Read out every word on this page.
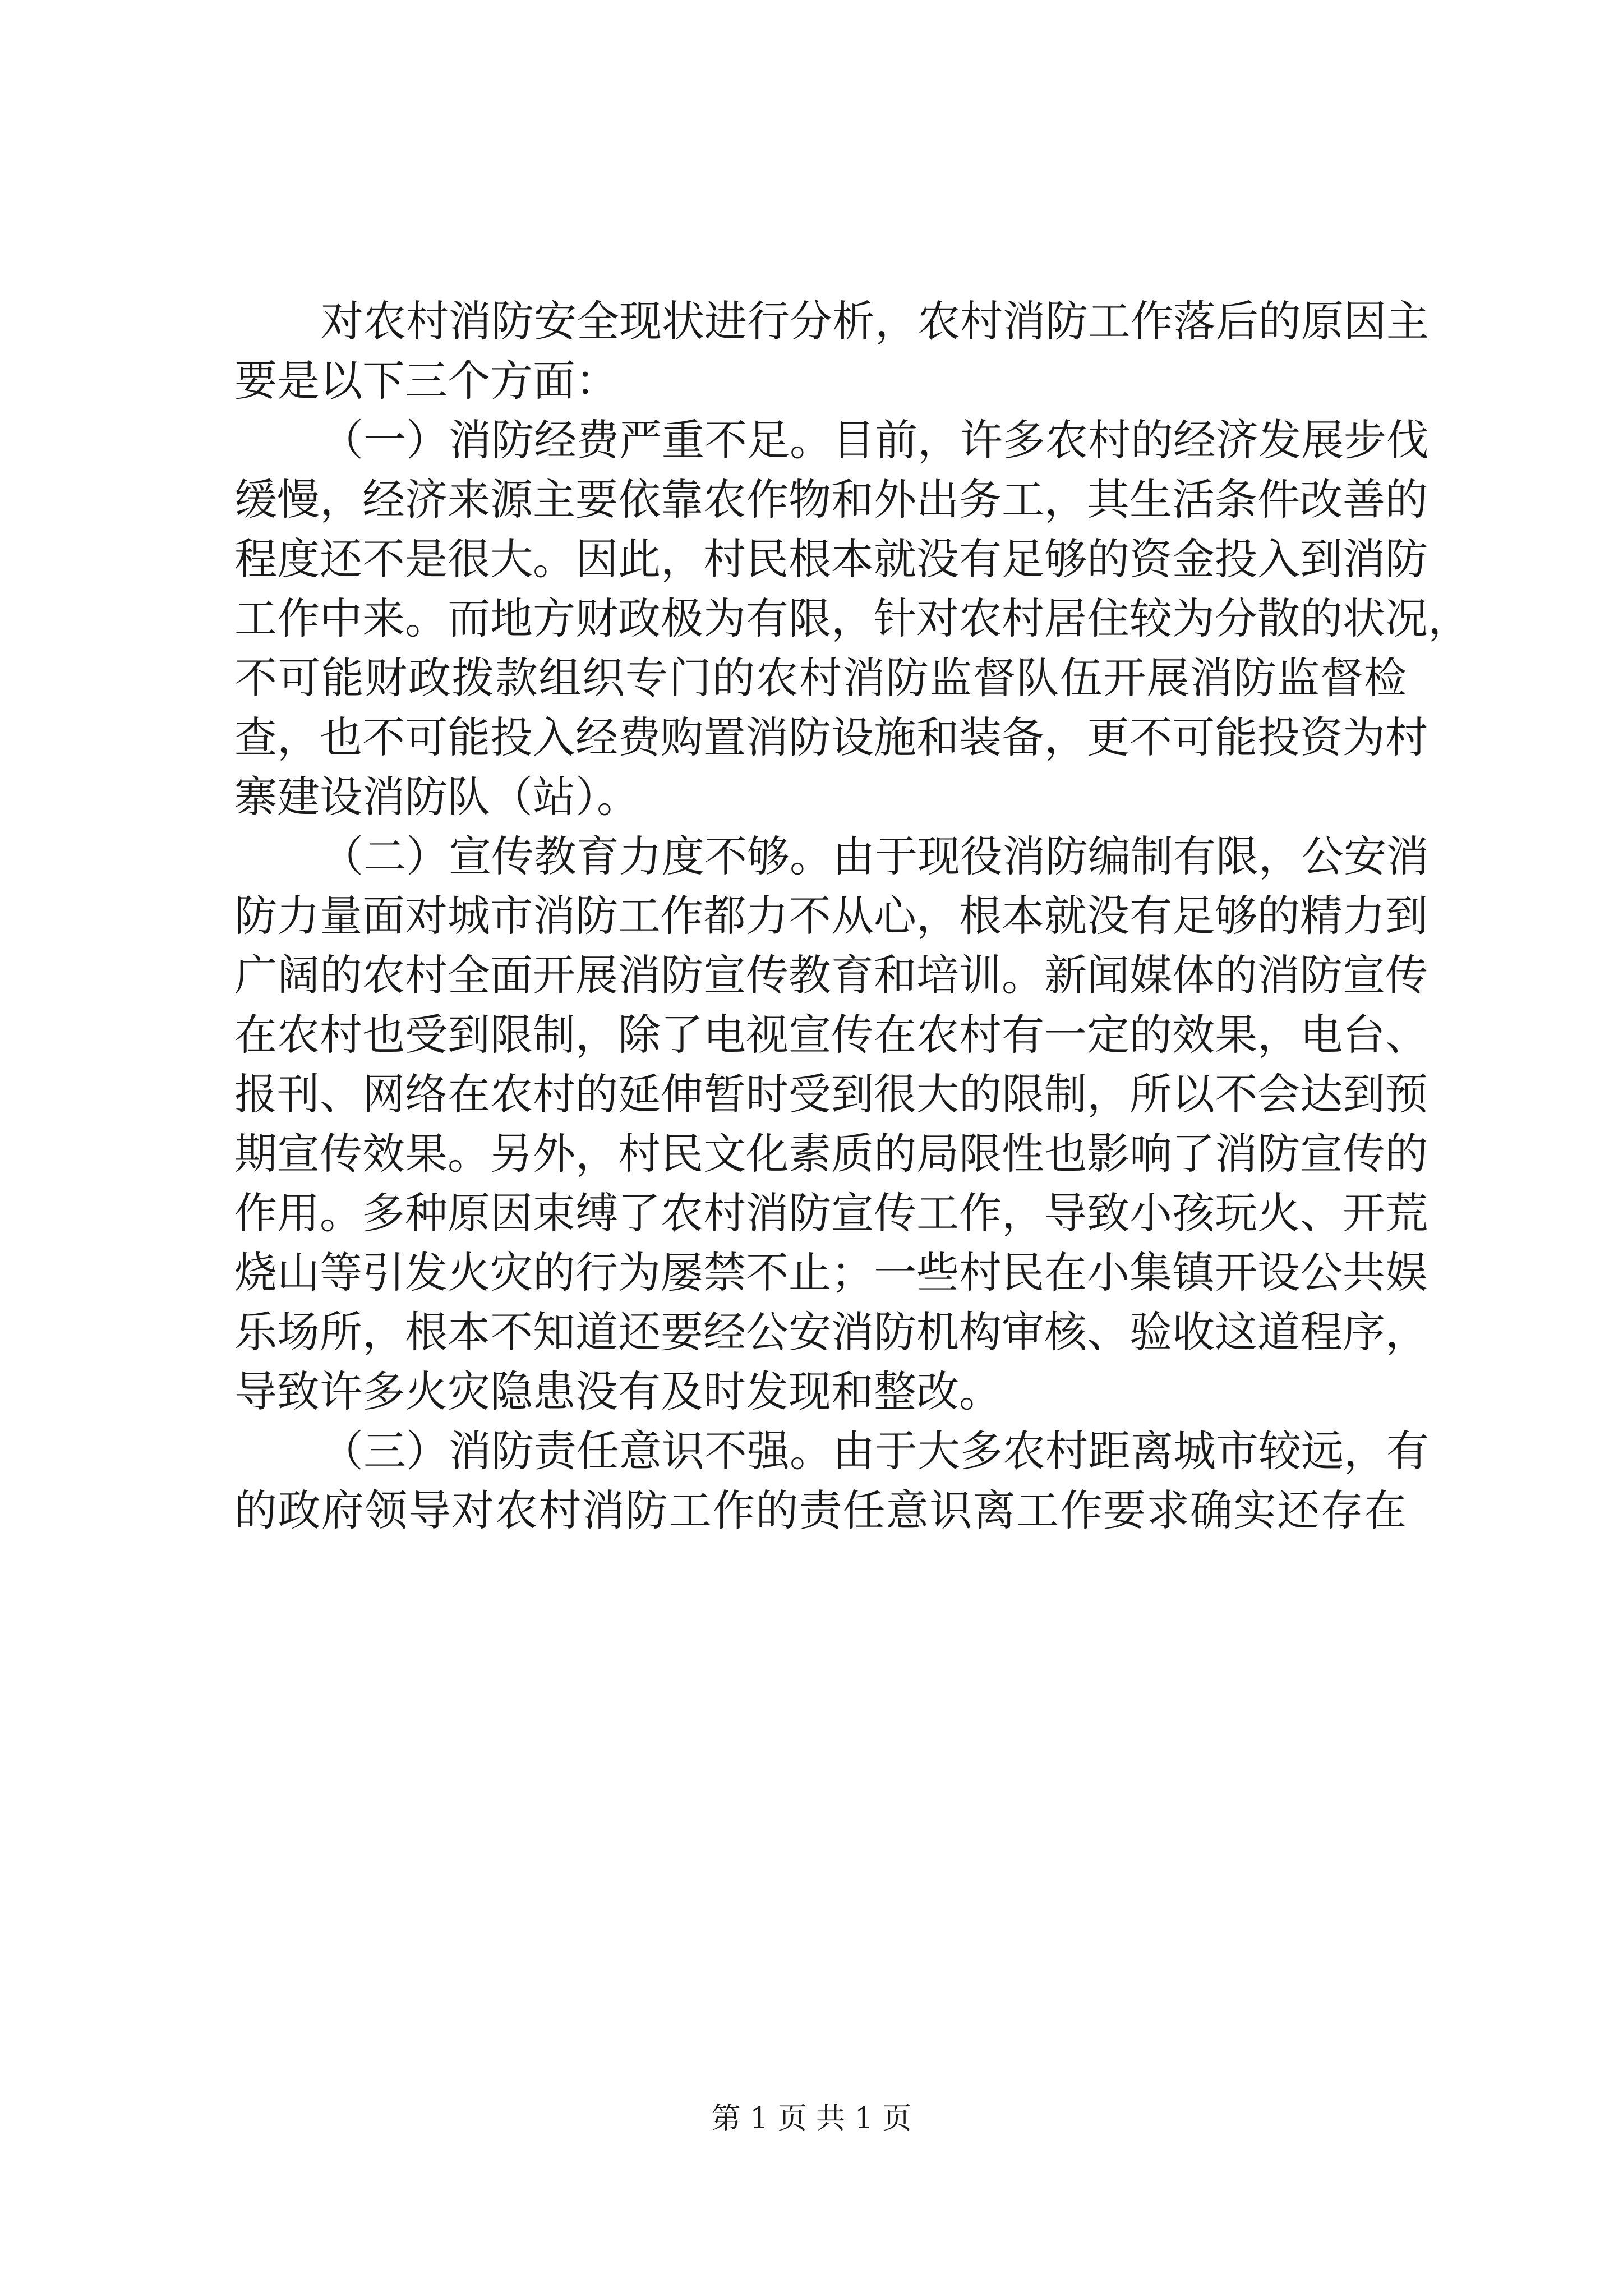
对农村消防安全现状进行分析，农村消防工作落后的原因主
要是以下三个方面：
（一）消防经费严重不足。目前，许多农村的经济发展步伐
缓慢，经济来源主要依靠农作物和外出务工，其生活条件改善的
程度还不是很大。因此，村民根本就没有足够的资金投入到消防
工作中来。而地方财政极为有限，针对农村居住较为分散的状况，
不可能财政拨款组织专门的农村消防监督队伍开展消防监督检
查，也不可能投入经费购置消防设施和装备，更不可能投资为村
寨建设消防队（站）。
（二）宣传教育力度不够。由于现役消防编制有限，公安消
防力量面对城市消防工作都力不从心，根本就没有足够的精力到
广阔的农村全面开展消防宣传教育和培训。新闻媒体的消防宣传
在农村也受到限制，除了电视宣传在农村有一定的效果，电台、
报刊、网络在农村的延伸暂时受到很大的限制，所以不会达到预
期宣传效果。另外，村民文化素质的局限性也影响了消防宣传的
作用。多种原因束缚了农村消防宣传工作，导致小孩玩火、开荒
烧山等引发火灾的行为屡禁不止；一些村民在小集镇开设公共娱
乐场所，根本不知道还要经公安消防机构审核、验收这道程序，
导致许多火灾隐患没有及时发现和整改。
（三）消防责任意识不强。由于大多农村距离城市较远，有
的政府领导对农村消防工作的责任意识离工作要求确实还存在
第 1 页 共 1 页
